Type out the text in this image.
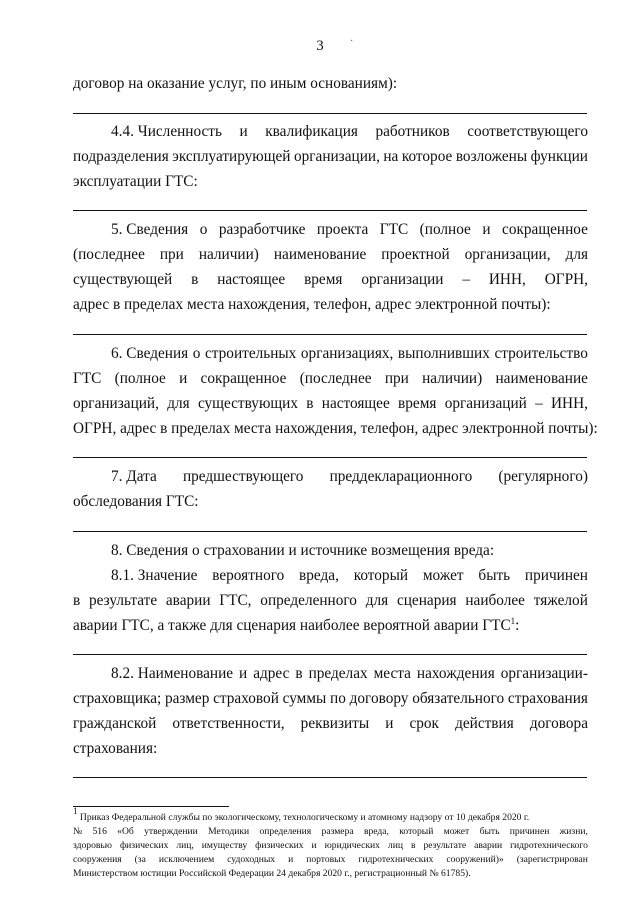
3	·
договор на оказание услуг, по иным основаниям):
4.4. Численность и квалификация работников соответствующего
подразделения эксплуатирующей организации, на которое возложены функции
эксплуатации ГТС:
5. Сведения о разработчике проекта ГТС (полное и сокращенное
(последнее при наличии) наименование проектной организации, для
существующей в настоящее время организации – ИНН, ОГРН,
адрес в пределах места нахождения, телефон, адрес электронной почты):
6. Сведения о строительных организациях, выполнивших строительство
ГТС (полное и сокращенное (последнее при наличии) наименование
организаций, для существующих в настоящее время организаций – ИНН,
ОГРН, адрес в пределах места нахождения, телефон, адрес электронной почты):
7. Дата предшествующего преддекларационного (регулярного)
обследования ГТС:
8. Сведения о страховании и источнике возмещения вреда:
8.1. Значение вероятного вреда, который может быть причинен
в результате аварии ГТС, определенного для сценария наиболее тяжелой
аварии ГТС, а также для сценария наиболее вероятной аварии ГТС$^1$:
8.2. Наименование и адрес в пределах места нахождения организации-
страховщика; размер страховой суммы по договору обязательного страхования
гражданской ответственности, реквизиты и срок действия договора
страхования:
$^1$ Приказ Федеральной службы по экологическому, технологическому и атомному надзору от 10 декабря 2020 г.
№ 516 «Об утверждении Методики определения размера вреда, который может быть причинен жизни,
здоровью физических лиц, имуществу физических и юридических лиц в результате аварии гидротехнического
сооружения (за исключением судоходных и портовых гидротехнических сооружений)» (зарегистрирован
Министерством юстиции Российской Федерации 24 декабря 2020 г., регистрационный № 61785).
